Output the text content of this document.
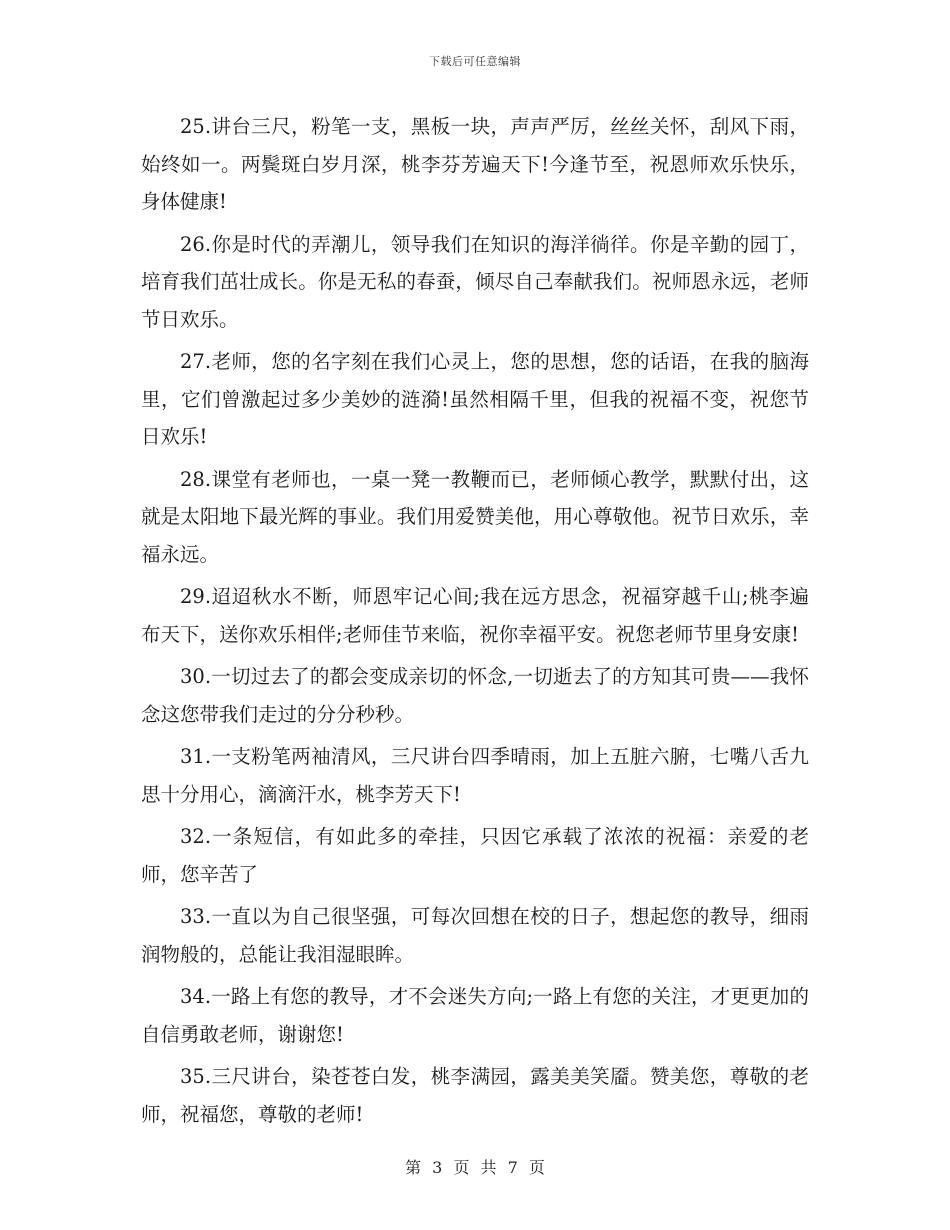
下载后可任意编辑

25.讲台三尺，粉笔一支，黑板一块，声声严厉，丝丝关怀，刮风下雨，始终如一。两鬓斑白岁月深，桃李芬芳遍天下!今逢节至，祝恩师欢乐快乐，身体健康!

26.你是时代的弄潮儿，领导我们在知识的海洋徜徉。你是辛勤的园丁，培育我们茁壮成长。你是无私的春蚕，倾尽自己奉献我们。祝师恩永远，老师节日欢乐。

27.老师，您的名字刻在我们心灵上，您的思想，您的话语，在我的脑海里，它们曾激起过多少美妙的涟漪!虽然相隔千里，但我的祝福不变，祝您节日欢乐!

28.课堂有老师也，一桌一凳一教鞭而已，老师倾心教学，默默付出，这就是太阳地下最光辉的事业。我们用爱赞美他，用心尊敬他。祝节日欢乐，幸福永远。

29.迢迢秋水不断，师恩牢记心间;我在远方思念，祝福穿越千山;桃李遍布天下，送你欢乐相伴;老师佳节来临，祝你幸福平安。祝您老师节里身安康!

30.一切过去了的都会变成亲切的怀念,一切逝去了的方知其可贵——我怀念这您带我们走过的分分秒秒。

31.一支粉笔两袖清风，三尺讲台四季晴雨，加上五脏六腑，七嘴八舌九思十分用心，滴滴汗水，桃李芳天下!

32.一条短信，有如此多的牵挂，只因它承载了浓浓的祝福：亲爱的老师，您辛苦了

33.一直以为自己很坚强，可每次回想在校的日子，想起您的教导，细雨润物般的，总能让我泪湿眼眸。

34.一路上有您的教导，才不会迷失方向;一路上有您的关注，才更更加的自信勇敢老师，谢谢您!

35.三尺讲台，染苍苍白发，桃李满园，露美美笑靥。赞美您，尊敬的老师，祝福您，尊敬的老师!

第 3 页 共 7 页
